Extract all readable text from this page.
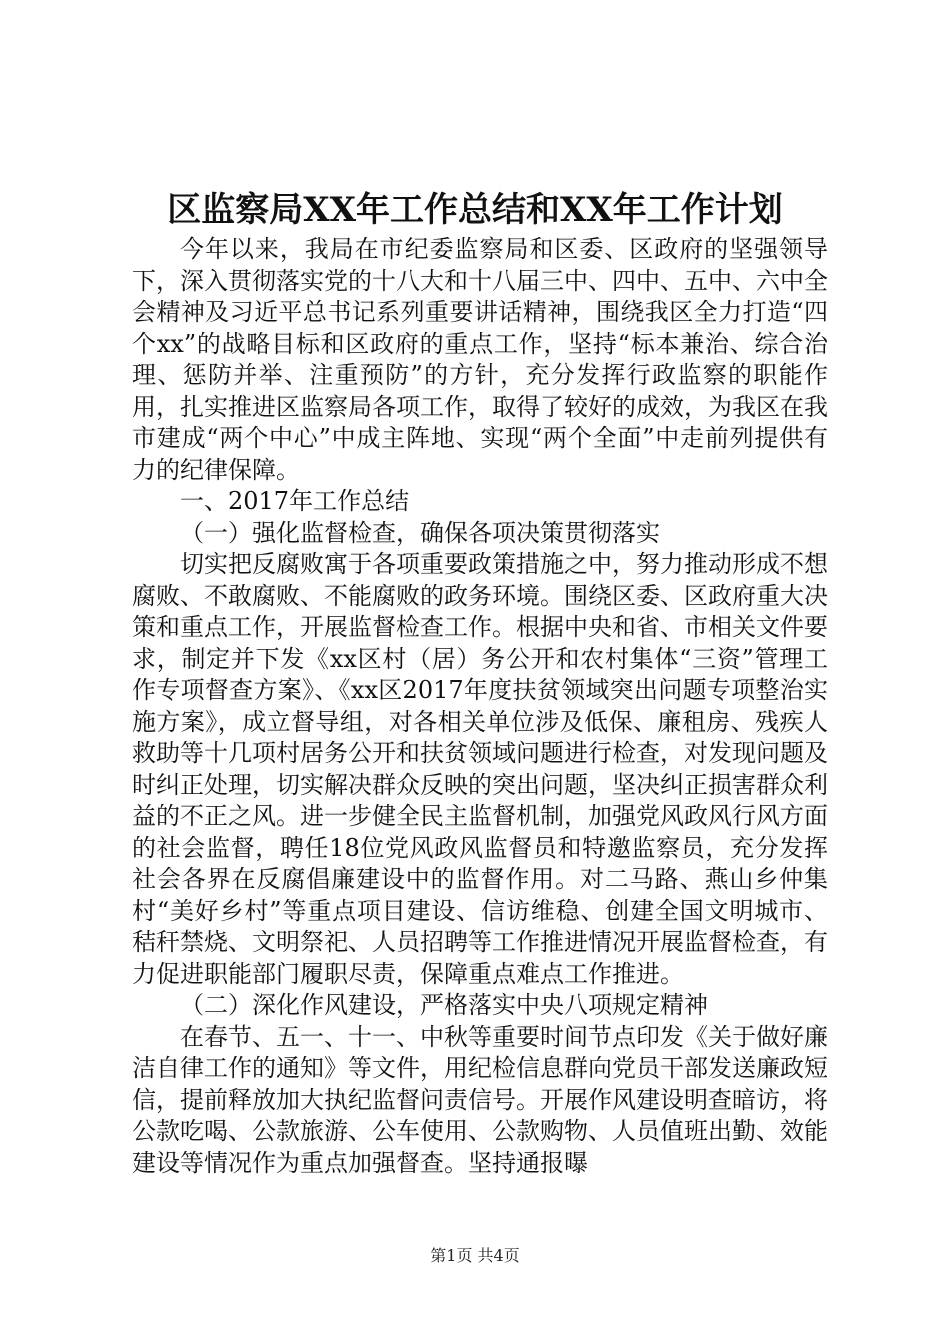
区监察局XX年工作总结和XX年工作计划

今年以来，我局在市纪委监察局和区委、区政府的坚强领导下，深入贯彻落实党的十八大和十八届三中、四中、五中、六中全会精神及习近平总书记系列重要讲话精神，围绕我区全力打造“四个xx”的战略目标和区政府的重点工作，坚持“标本兼治、综合治理、惩防并举、注重预防”的方针，充分发挥行政监察的职能作用，扎实推进区监察局各项工作，取得了较好的成效，为我区在我市建成“两个中心”中成主阵地、实现“两个全面”中走前列提供有力的纪律保障。

一、2017年工作总结

（一）强化监督检查，确保各项决策贯彻落实

切实把反腐败寓于各项重要政策措施之中，努力推动形成不想腐败、不敢腐败、不能腐败的政务环境。围绕区委、区政府重大决策和重点工作，开展监督检查工作。根据中央和省、市相关文件要求，制定并下发《xx区村（居）务公开和农村集体“三资”管理工作专项督查方案》、《xx区2017年度扶贫领域突出问题专项整治实施方案》，成立督导组，对各相关单位涉及低保、廉租房、残疾人救助等十几项村居务公开和扶贫领域问题进行检查，对发现问题及时纠正处理，切实解决群众反映的突出问题，坚决纠正损害群众利益的不正之风。进一步健全民主监督机制，加强党风政风行风方面的社会监督，聘任18位党风政风监督员和特邀监察员，充分发挥社会各界在反腐倡廉建设中的监督作用。对二马路、燕山乡仲集村“美好乡村”等重点项目建设、信访维稳、创建全国文明城市、秸秆禁烧、文明祭祀、人员招聘等工作推进情况开展监督检查，有力促进职能部门履职尽责，保障重点难点工作推进。

（二）深化作风建设，严格落实中央八项规定精神

在春节、五一、十一、中秋等重要时间节点印发《关于做好廉洁自律工作的通知》等文件，用纪检信息群向党员干部发送廉政短信，提前释放加大执纪监督问责信号。开展作风建设明查暗访，将公款吃喝、公款旅游、公车使用、公款购物、人员值班出勤、效能建设等情况作为重点加强督查。坚持通报曝

第1页 共4页
